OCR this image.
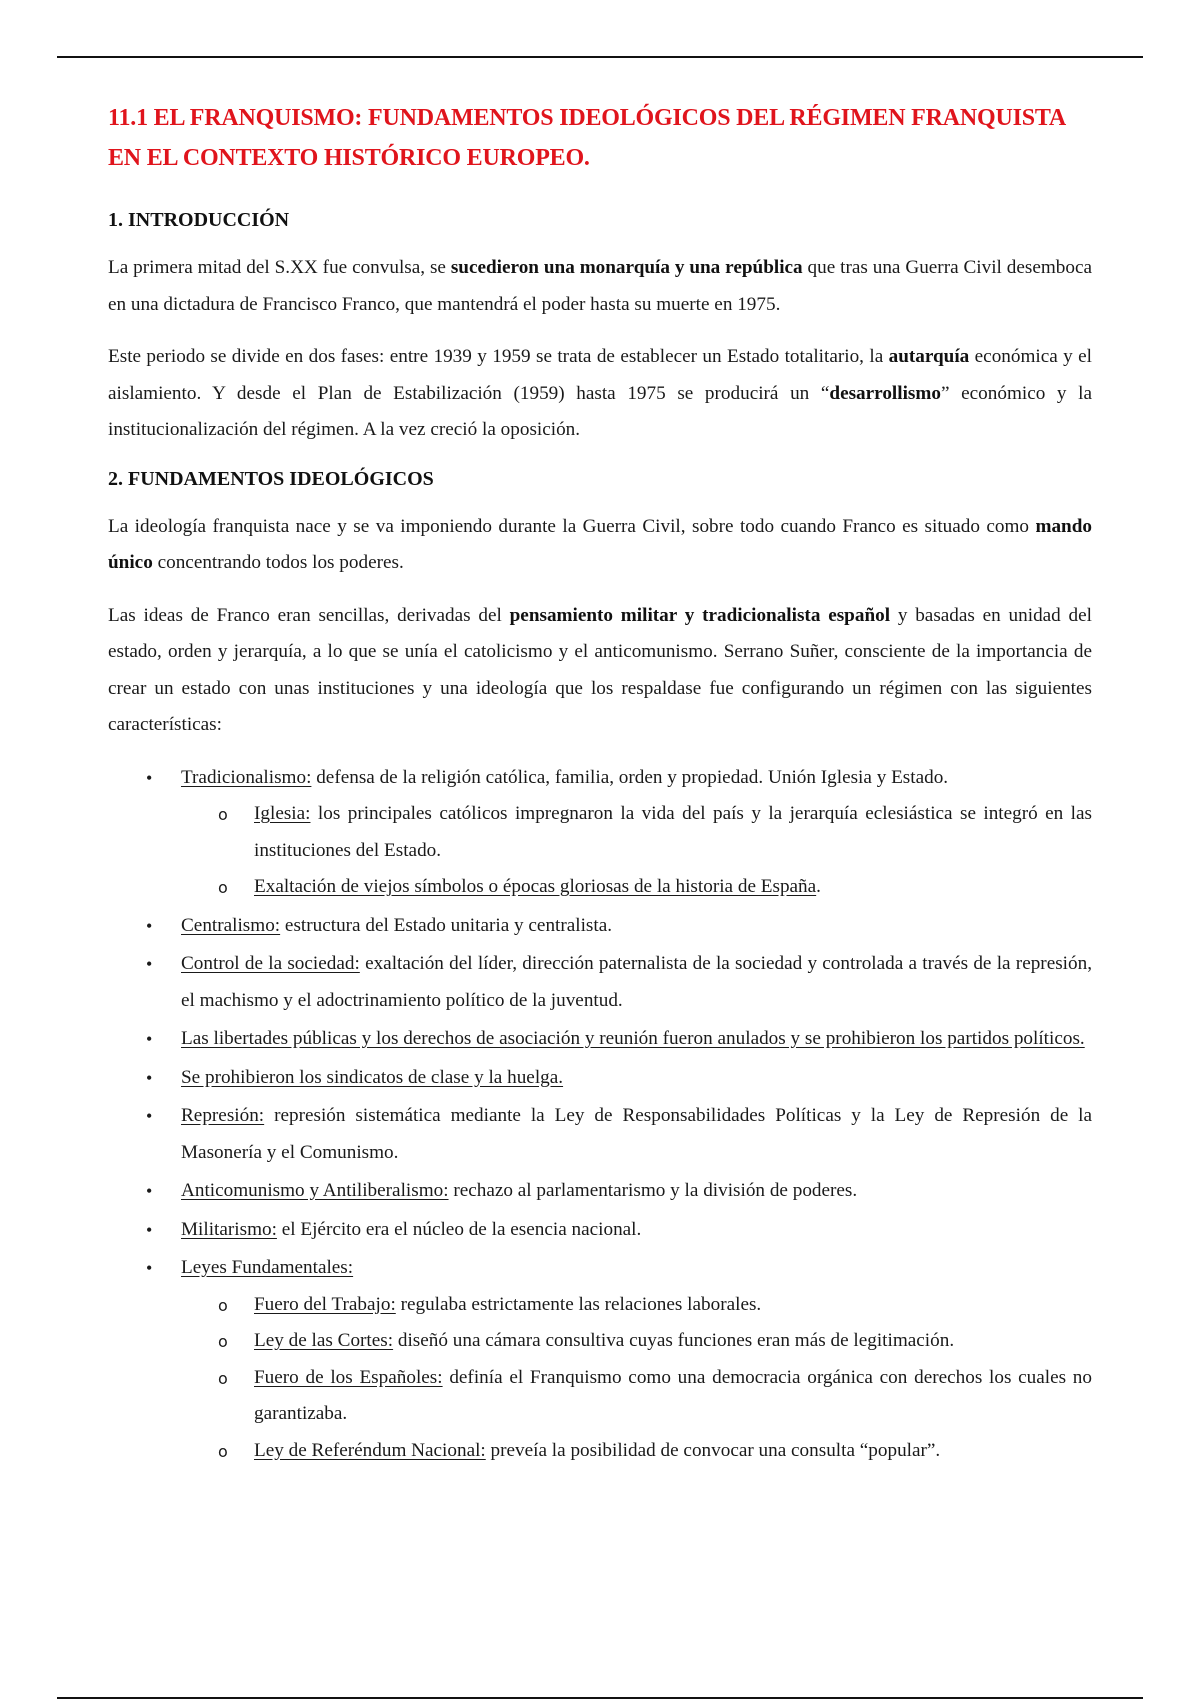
11.1 EL FRANQUISMO: FUNDAMENTOS IDEOLÓGICOS DEL RÉGIMEN FRANQUISTA EN EL CONTEXTO HISTÓRICO EUROPEO.
1. INTRODUCCIÓN

La primera mitad del S.XX fue convulsa, se sucedieron una monarquía y una república que tras una Guerra Civil desemboca en una dictadura de Francisco Franco, que mantendrá el poder hasta su muerte en 1975.

Este periodo se divide en dos fases: entre 1939 y 1959 se trata de establecer un Estado totalitario, la autarquía económica y el aislamiento. Y desde el Plan de Estabilización (1959) hasta 1975 se producirá un “desarrollismo” económico y la institucionalización del régimen. A la vez creció la oposición.

2. FUNDAMENTOS IDEOLÓGICOS

La ideología franquista nace y se va imponiendo durante la Guerra Civil, sobre todo cuando Franco es situado como mando único concentrando todos los poderes.

Las ideas de Franco eran sencillas, derivadas del pensamiento militar y tradicionalista español y basadas en unidad del estado, orden y jerarquía, a lo que se unía el catolicismo y el anticomunismo. Serrano Suñer, consciente de la importancia de crear un estado con unas instituciones y una ideología que los respaldase fue configurando un régimen con las siguientes características:

• Tradicionalismo: defensa de la religión católica, familia, orden y propiedad. Unión Iglesia y Estado.
o Iglesia: los principales católicos impregnaron la vida del país y la jerarquía eclesiástica se integró en las instituciones del Estado.
o Exaltación de viejos símbolos o épocas gloriosas de la historia de España.
• Centralismo: estructura del Estado unitaria y centralista.
• Control de la sociedad: exaltación del líder, dirección paternalista de la sociedad y controlada a través de la represión, el machismo y el adoctrinamiento político de la juventud.
• Las libertades públicas y los derechos de asociación y reunión fueron anulados y se prohibieron los partidos políticos.
• Se prohibieron los sindicatos de clase y la huelga.
• Represión: represión sistemática mediante la Ley de Responsabilidades Políticas y la Ley de Represión de la Masonería y el Comunismo.
• Anticomunismo y Antiliberalismo: rechazo al parlamentarismo y la división de poderes.
• Militarismo: el Ejército era el núcleo de la esencia nacional.
• Leyes Fundamentales:
o Fuero del Trabajo: regulaba estrictamente las relaciones laborales.
o Ley de las Cortes: diseñó una cámara consultiva cuyas funciones eran más de legitimación.
o Fuero de los Españoles: definía el Franquismo como una democracia orgánica con derechos los cuales no garantizaba.
o Ley de Referéndum Nacional: preveía la posibilidad de convocar una consulta “popular”.
